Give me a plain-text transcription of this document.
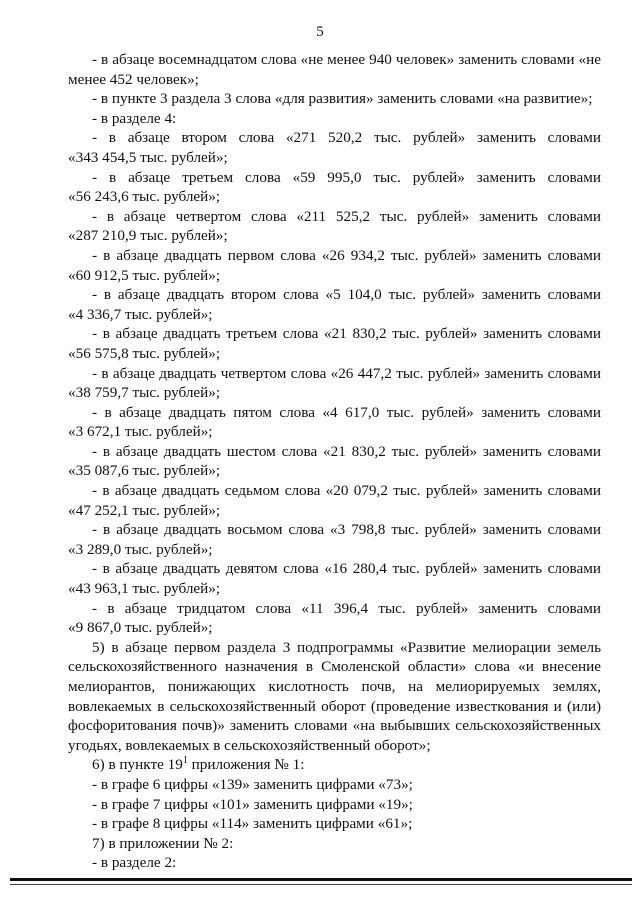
5
- в абзаце восемнадцатом слова «не менее 940 человек» заменить словами «не
менее 452 человек»;
- в пункте 3 раздела 3 слова «для развития» заменить словами «на развитие»;
- в разделе 4:
- в абзаце втором слова «271 520,2 тыс. рублей» заменить словами
«343 454,5 тыс. рублей»;
- в абзаце третьем слова «59 995,0 тыс. рублей» заменить словами
«56 243,6 тыс. рублей»;
- в абзаце четвертом слова «211 525,2 тыс. рублей» заменить словами
«287 210,9 тыс. рублей»;
- в абзаце двадцать первом слова «26 934,2 тыс. рублей» заменить словами
«60 912,5 тыс. рублей»;
- в абзаце двадцать втором слова «5 104,0 тыс. рублей» заменить словами
«4 336,7 тыс. рублей»;
- в абзаце двадцать третьем слова «21 830,2 тыс. рублей» заменить словами
«56 575,8 тыс. рублей»;
- в абзаце двадцать четвертом слова «26 447,2 тыс. рублей» заменить словами
«38 759,7 тыс. рублей»;
- в абзаце двадцать пятом слова «4 617,0 тыс. рублей» заменить словами
«3 672,1 тыс. рублей»;
- в абзаце двадцать шестом слова «21 830,2 тыс. рублей» заменить словами
«35 087,6 тыс. рублей»;
- в абзаце двадцать седьмом слова «20 079,2 тыс. рублей» заменить словами
«47 252,1 тыс. рублей»;
- в абзаце двадцать восьмом слова «3 798,8 тыс. рублей» заменить словами
«3 289,0 тыс. рублей»;
- в абзаце двадцать девятом слова «16 280,4 тыс. рублей» заменить словами
«43 963,1 тыс. рублей»;
- в абзаце тридцатом слова «11 396,4 тыс. рублей» заменить словами
«9 867,0 тыс. рублей»;
5) в абзаце первом раздела 3 подпрограммы «Развитие мелиорации земель
сельскохозяйственного назначения в Смоленской области» слова «и внесение
мелиорантов, понижающих кислотность почв, на мелиорируемых землях,
вовлекаемых в сельскохозяйственный оборот (проведение известкования и (или)
фосфоритования почв)» заменить словами «на выбывших сельскохозяйственных
угодьях, вовлекаемых в сельскохозяйственный оборот»;
6) в пункте $19^1$ приложения № 1:
- в графе 6 цифры «139» заменить цифрами «73»;
- в графе 7 цифры «101» заменить цифрами «19»;
- в графе 8 цифры «114» заменить цифрами «61»;
7) в приложении № 2:
- в разделе 2:
